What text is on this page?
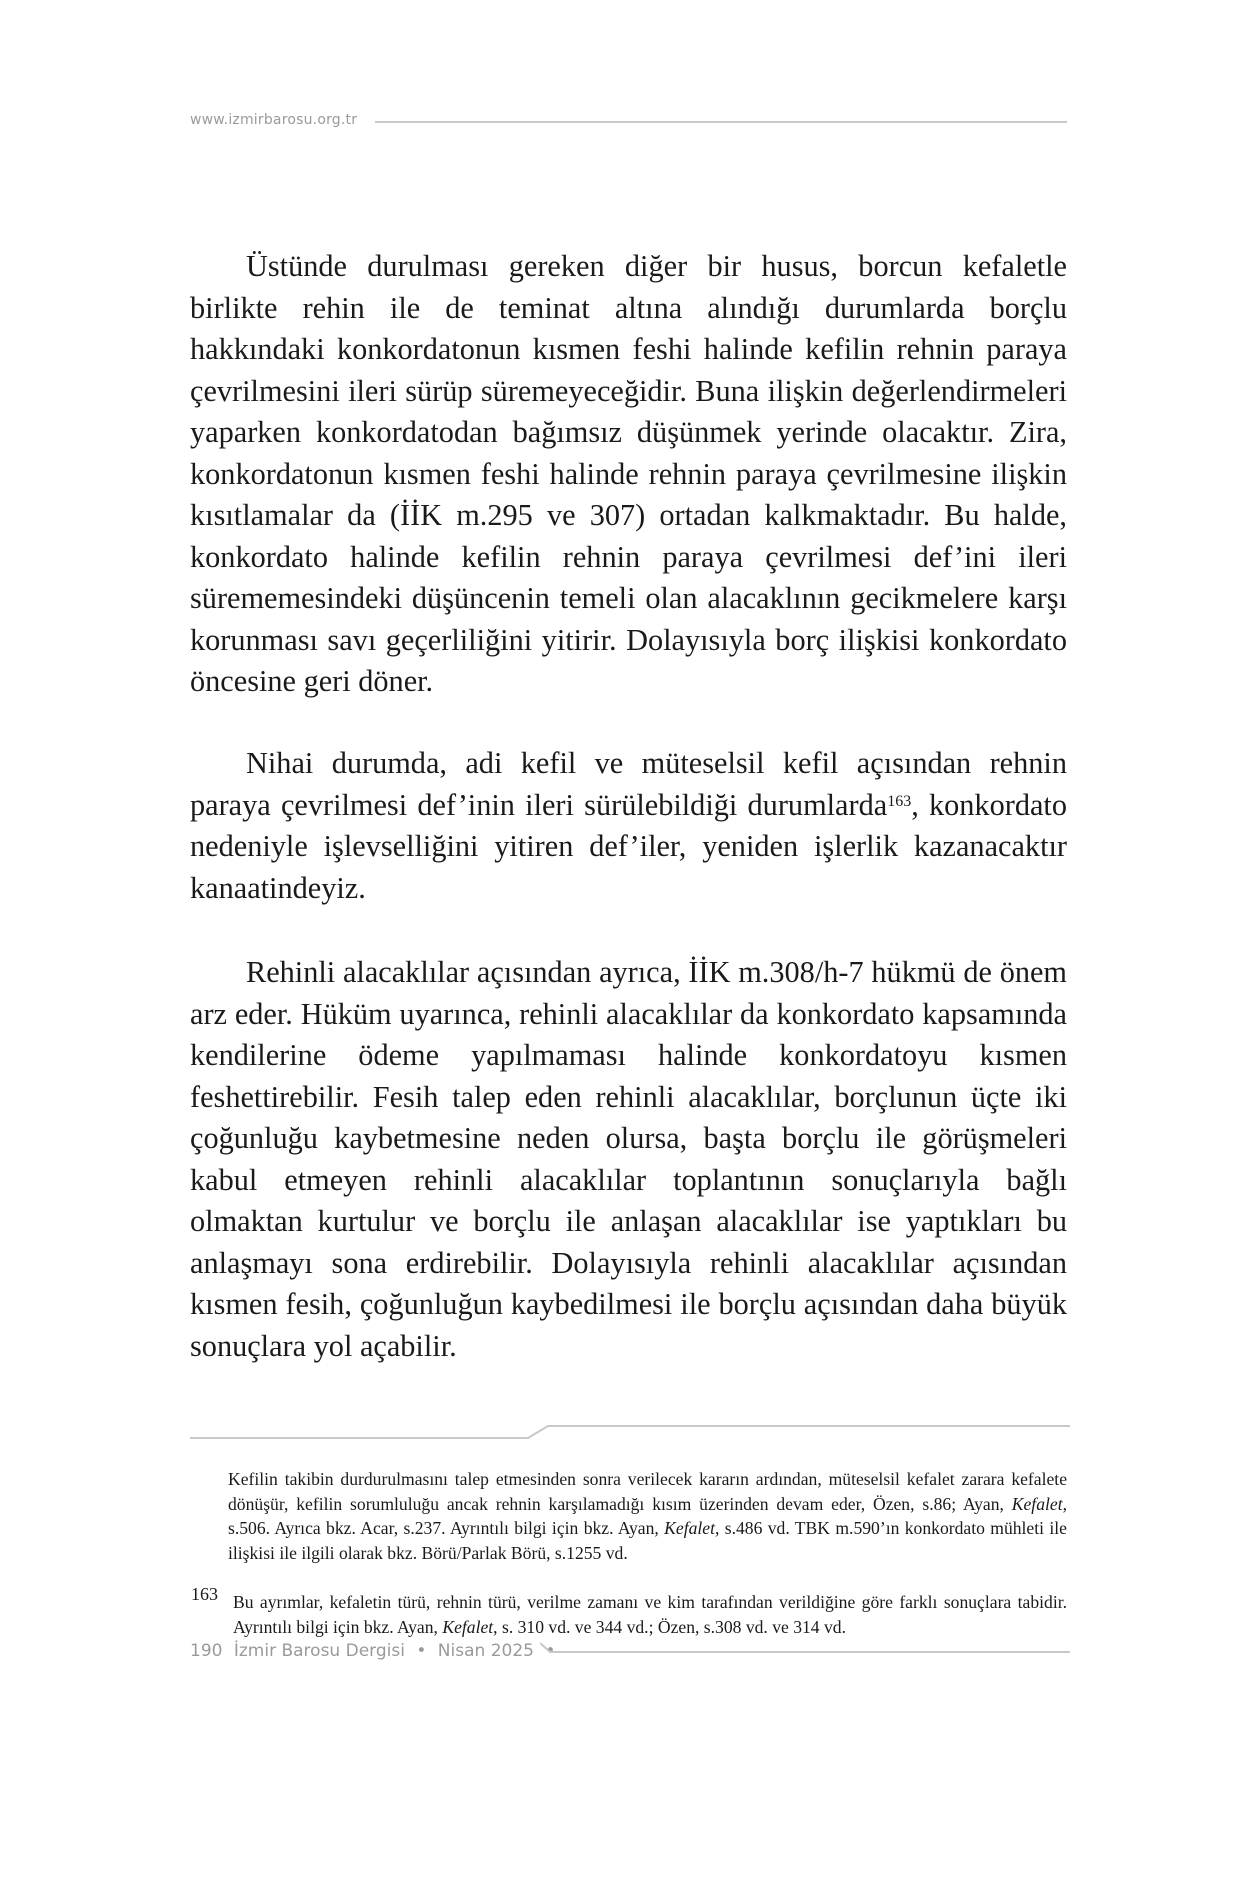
www.izmirbarosu.org.tr

Üstünde durulması gereken diğer bir husus, borcun kefaletle birlikte rehin ile de teminat altına alındığı durumlarda borçlu hakkındaki konkordatonun kısmen feshi halinde kefilin rehnin paraya çevrilmesini ileri sürüp süremeyeceğidir. Buna ilişkin değerlendirmeleri yaparken konkordatodan bağımsız düşünmek yerinde olacaktır. Zira, konkordatonun kısmen feshi halinde rehnin paraya çevrilmesine ilişkin kısıtlamalar da (İİK m.295 ve 307) ortadan kalkmaktadır. Bu halde, konkordato halinde kefilin rehnin paraya çevrilmesi def’ini ileri sürememesindeki düşüncenin temeli olan alacaklının gecikmelere karşı korunması savı geçerliliğini yitirir. Dolayısıyla borç ilişkisi konkordato öncesine geri döner.

Nihai durumda, adi kefil ve müteselsil kefil açısından rehnin paraya çevrilmesi def’inin ileri sürülebildiği durumlarda$^{163}$, konkordato nedeniyle işlevselliğini yitiren def’iler, yeniden işlerlik kazanacaktır kanaatindeyiz.

Rehinli alacaklılar açısından ayrıca, İİK m.308/h-7 hükmü de önem arz eder. Hüküm uyarınca, rehinli alacaklılar da konkordato kapsamında kendilerine ödeme yapılmaması halinde konkordatoyu kısmen feshettirebilir. Fesih talep eden rehinli alacaklılar, borçlunun üçte iki çoğunluğu kaybetmesine neden olursa, başta borçlu ile görüşmeleri kabul etmeyen rehinli alacaklılar toplantının sonuçlarıyla bağlı olmaktan kurtulur ve borçlu ile anlaşan alacaklılar ise yaptıkları bu anlaşmayı sona erdirebilir. Dolayısıyla rehinli alacaklılar açısından kısmen fesih, çoğunluğun kaybedilmesi ile borçlu açısından daha büyük sonuçlara yol açabilir.

Kefilin takibin durdurulmasını talep etmesinden sonra verilecek kararın ardından, müteselsil kefalet zarara kefalete dönüşür, kefilin sorumluluğu ancak rehnin karşılamadığı kısım üzerinden devam eder, Özen, s.86; Ayan, Kefalet, s.506. Ayrıca bkz. Acar, s.237. Ayrıntılı bilgi için bkz. Ayan, Kefalet, s.486 vd. TBK m.590’ın konkordato mühleti ile ilişkisi ile ilgili olarak bkz. Börü/Parlak Börü, s.1255 vd.
163 Bu ayrımlar, kefaletin türü, rehnin türü, verilme zamanı ve kim tarafından verildiğine göre farklı sonuçlara tabidir. Ayrıntılı bilgi için bkz. Ayan, Kefalet, s. 310 vd. ve 344 vd.; Özen, s.308 vd. ve 314 vd.
190 İzmir Barosu Dergisi • Nisan 2025 •
